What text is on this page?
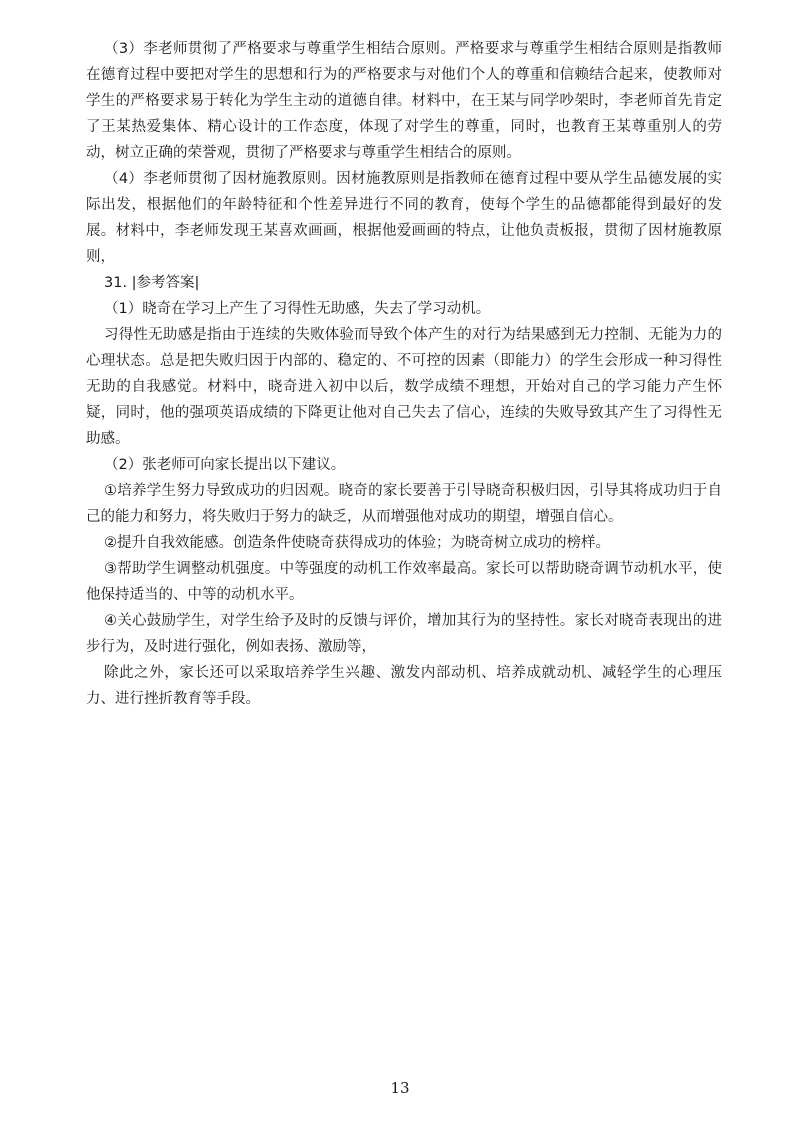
（3）李老师贯彻了严格要求与尊重学生相结合原则。严格要求与尊重学生相结合原则是指教师在德育过程中要把对学生的思想和行为的严格要求与对他们个人的尊重和信赖结合起来，使教师对学生的严格要求易于转化为学生主动的道德自律。材料中，在王某与同学吵架时，李老师首先肯定了王某热爱集体、精心设计的工作态度，体现了对学生的尊重，同时，也教育王某尊重别人的劳动，树立正确的荣誉观，贯彻了严格要求与尊重学生相结合的原则。

（4）李老师贯彻了因材施教原则。因材施教原则是指教师在德育过程中要从学生品德发展的实际出发，根据他们的年龄特征和个性差异进行不同的教育，使每个学生的品德都能得到最好的发展。材料中，李老师发现王某喜欢画画，根据他爱画画的特点，让他负责板报，贯彻了因材施教原则，

31. |参考答案|

（1）晓奇在学习上产生了习得性无助感，失去了学习动机。

习得性无助感是指由于连续的失败体验而导致个体产生的对行为结果感到无力控制、无能为力的心理状态。总是把失败归因于内部的、稳定的、不可控的因素（即能力）的学生会形成一种习得性无助的自我感觉。材料中，晓奇进入初中以后，数学成绩不理想，开始对自己的学习能力产生怀疑，同时，他的强项英语成绩的下降更让他对自己失去了信心，连续的失败导致其产生了习得性无助感。

（2）张老师可向家长提出以下建议。

①培养学生努力导致成功的归因观。晓奇的家长要善于引导晓奇积极归因，引导其将成功归于自己的能力和努力，将失败归于努力的缺乏，从而增强他对成功的期望，增强自信心。

②提升自我效能感。创造条件使晓奇获得成功的体验；为晓奇树立成功的榜样。

③帮助学生调整动机强度。中等强度的动机工作效率最高。家长可以帮助晓奇调节动机水平，使他保持适当的、中等的动机水平。

④关心鼓励学生，对学生给予及时的反馈与评价，增加其行为的坚持性。家长对晓奇表现出的进步行为，及时进行强化，例如表扬、激励等，

除此之外，家长还可以采取培养学生兴趣、激发内部动机、培养成就动机、减轻学生的心理压力、进行挫折教育等手段。

13
